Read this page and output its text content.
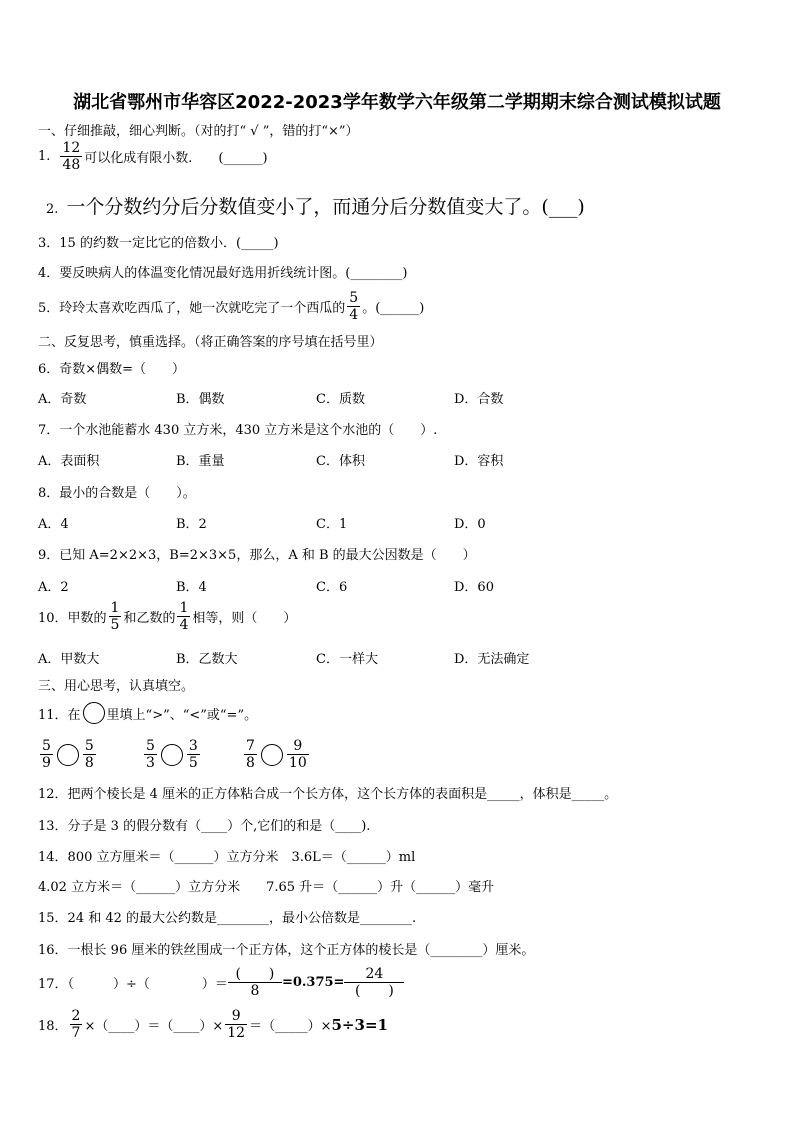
湖北省鄂州市华容区2022-2023学年数学六年级第二学期期末综合测试模拟试题
一、仔细推敲，细心判断。（对的打“ √ ”，错的打“×”）
1. $\frac{12}{48}$ 可以化成有限小数.　　(______)
2. 一个分数约分后分数值变小了，而通分后分数值变大了。(___)
3．15 的约数一定比它的倍数小．(_____)
4．要反映病人的体温变化情况最好选用折线统计图。(________)
5．玲玲太喜欢吃西瓜了，她一次就吃完了一个西瓜的 $\frac{5}{4}$ 。(______)
二、反复思考，慎重选择。（将正确答案的序号填在括号里）
6．奇数×偶数=（　　）
A．奇数	B．偶数	C．质数	D．合数
7．一个水池能蓄水 430 立方米，430 立方米是这个水池的（　　）.
A．表面积	B．重量	C．体积	D．容积
8．最小的合数是（　　）。
A．4	B．2	C．1	D．0
9．已知 A=2×2×3，B=2×3×5，那么，A 和 B 的最大公因数是（　　）
A．2	B．4	C．6	D．60
10．甲数的 $\frac{1}{5}$ 和乙数的 $\frac{1}{4}$ 相等，则（　　）
A．甲数大	B．乙数大	C．一样大	D．无法确定
三、用心思考，认真填空。
11．在 里填上“>”、“<”或“=”。
$\frac{5}{9} \frac{5}{8}$	$\frac{5}{3} \frac{3}{5}$	$\frac{7}{8} \frac{9}{10}$
12．把两个棱长是 4 厘米的正方体粘合成一个长方体，这个长方体的表面积是_____，体积是_____。
13．分子是 3 的假分数有（____）个,它们的和是（____).
14．800 立方厘米＝（______）立方分米　3.6L＝（______）ml
4.02 立方米＝（______）立方分米　　7.65 升＝（______）升（______）毫升
15．24 和 42 的最大公约数是________，最小公倍数是________.
16．一根长 96 厘米的铁丝围成一个正方体，这个正方体的棱长是（________）厘米。
17．（　　　）÷（　　　　）＝ $\frac{( )}{8} =0.375= \frac{24}{( )}$
18． $\frac{2}{7}$ ×（____）＝（____）× $\frac{9}{12}$ ＝（_____）× 5÷3=1
